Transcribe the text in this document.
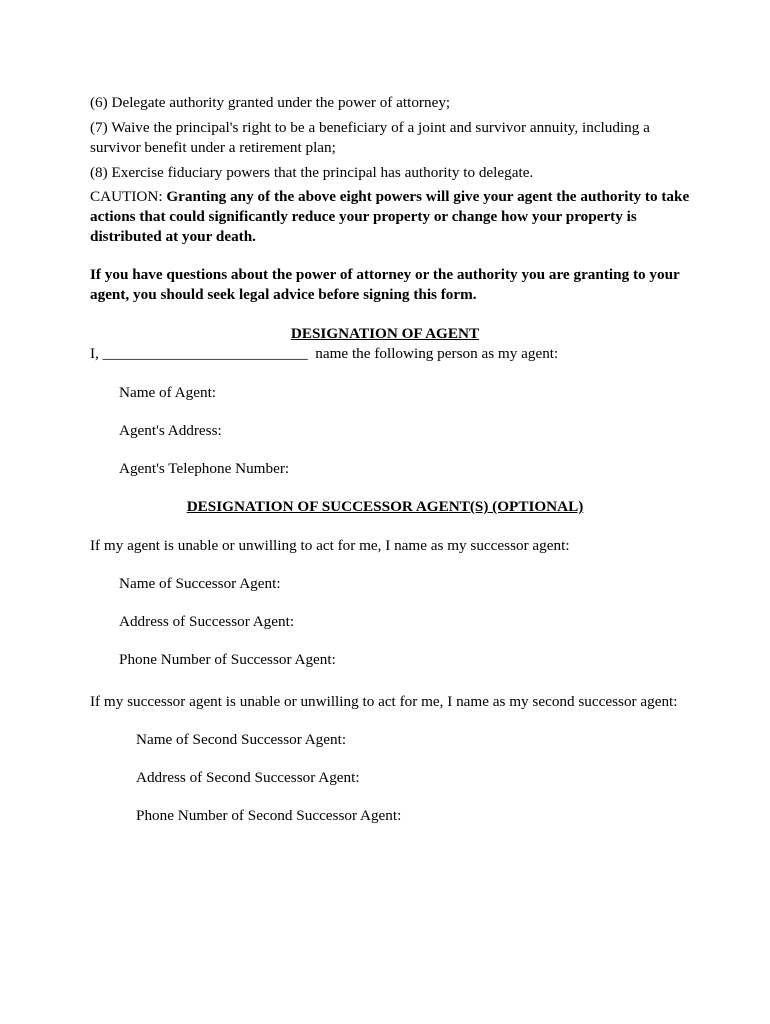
(6) Delegate authority granted under the power of attorney;

(7) Waive the principal's right to be a beneficiary of a joint and survivor annuity, including a survivor benefit under a retirement plan;

(8) Exercise fiduciary powers that the principal has authority to delegate.

CAUTION: Granting any of the above eight powers will give your agent the authority to take actions that could significantly reduce your property or change how your property is distributed at your death.

If you have questions about the power of attorney or the authority you are granting to your agent, you should seek legal advice before signing this form.

DESIGNATION OF AGENT

I, ___________________________  name the following person as my agent:

Name of Agent:

Agent's Address:

Agent's Telephone Number:

DESIGNATION OF SUCCESSOR AGENT(S) (OPTIONAL)

If my agent is unable or unwilling to act for me, I name as my successor agent:

Name of Successor Agent:

Address of Successor Agent:

Phone Number of Successor Agent:

If my successor agent is unable or unwilling to act for me, I name as my second successor agent:

Name of Second Successor Agent:

Address of Second Successor Agent:

Phone Number of Second Successor Agent:
